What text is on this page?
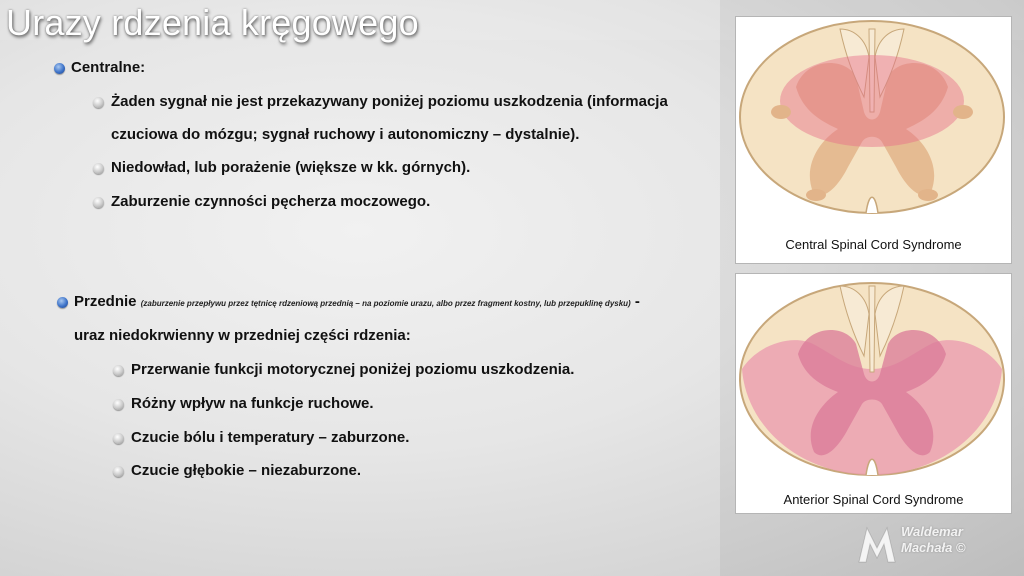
Urazy rdzenia kręgowego
Centralne:
Żaden sygnał nie jest przekazywany poniżej poziomu uszkodzenia (informacja
czuciowa do mózgu; sygnał ruchowy i autonomiczny – dystalnie).
Niedowład, lub porażenie (większe w kk. górnych).
Zaburzenie czynności pęcherza moczowego.
Przednie (zaburzenie przepływu przez tętnicę rdzeniową przednią – na poziomie urazu, albo przez fragment kostny, lub przepuklinę dysku) -
uraz niedokrwienny w przedniej części rdzenia:
Przerwanie funkcji motorycznej poniżej poziomu uszkodzenia.
Różny wpływ na funkcje ruchowe.
Czucie bólu i temperatury – zaburzone.
Czucie głębokie – niezaburzone.
Central Spinal Cord Syndrome
Anterior Spinal Cord Syndrome
Waldemar
Machała ©
